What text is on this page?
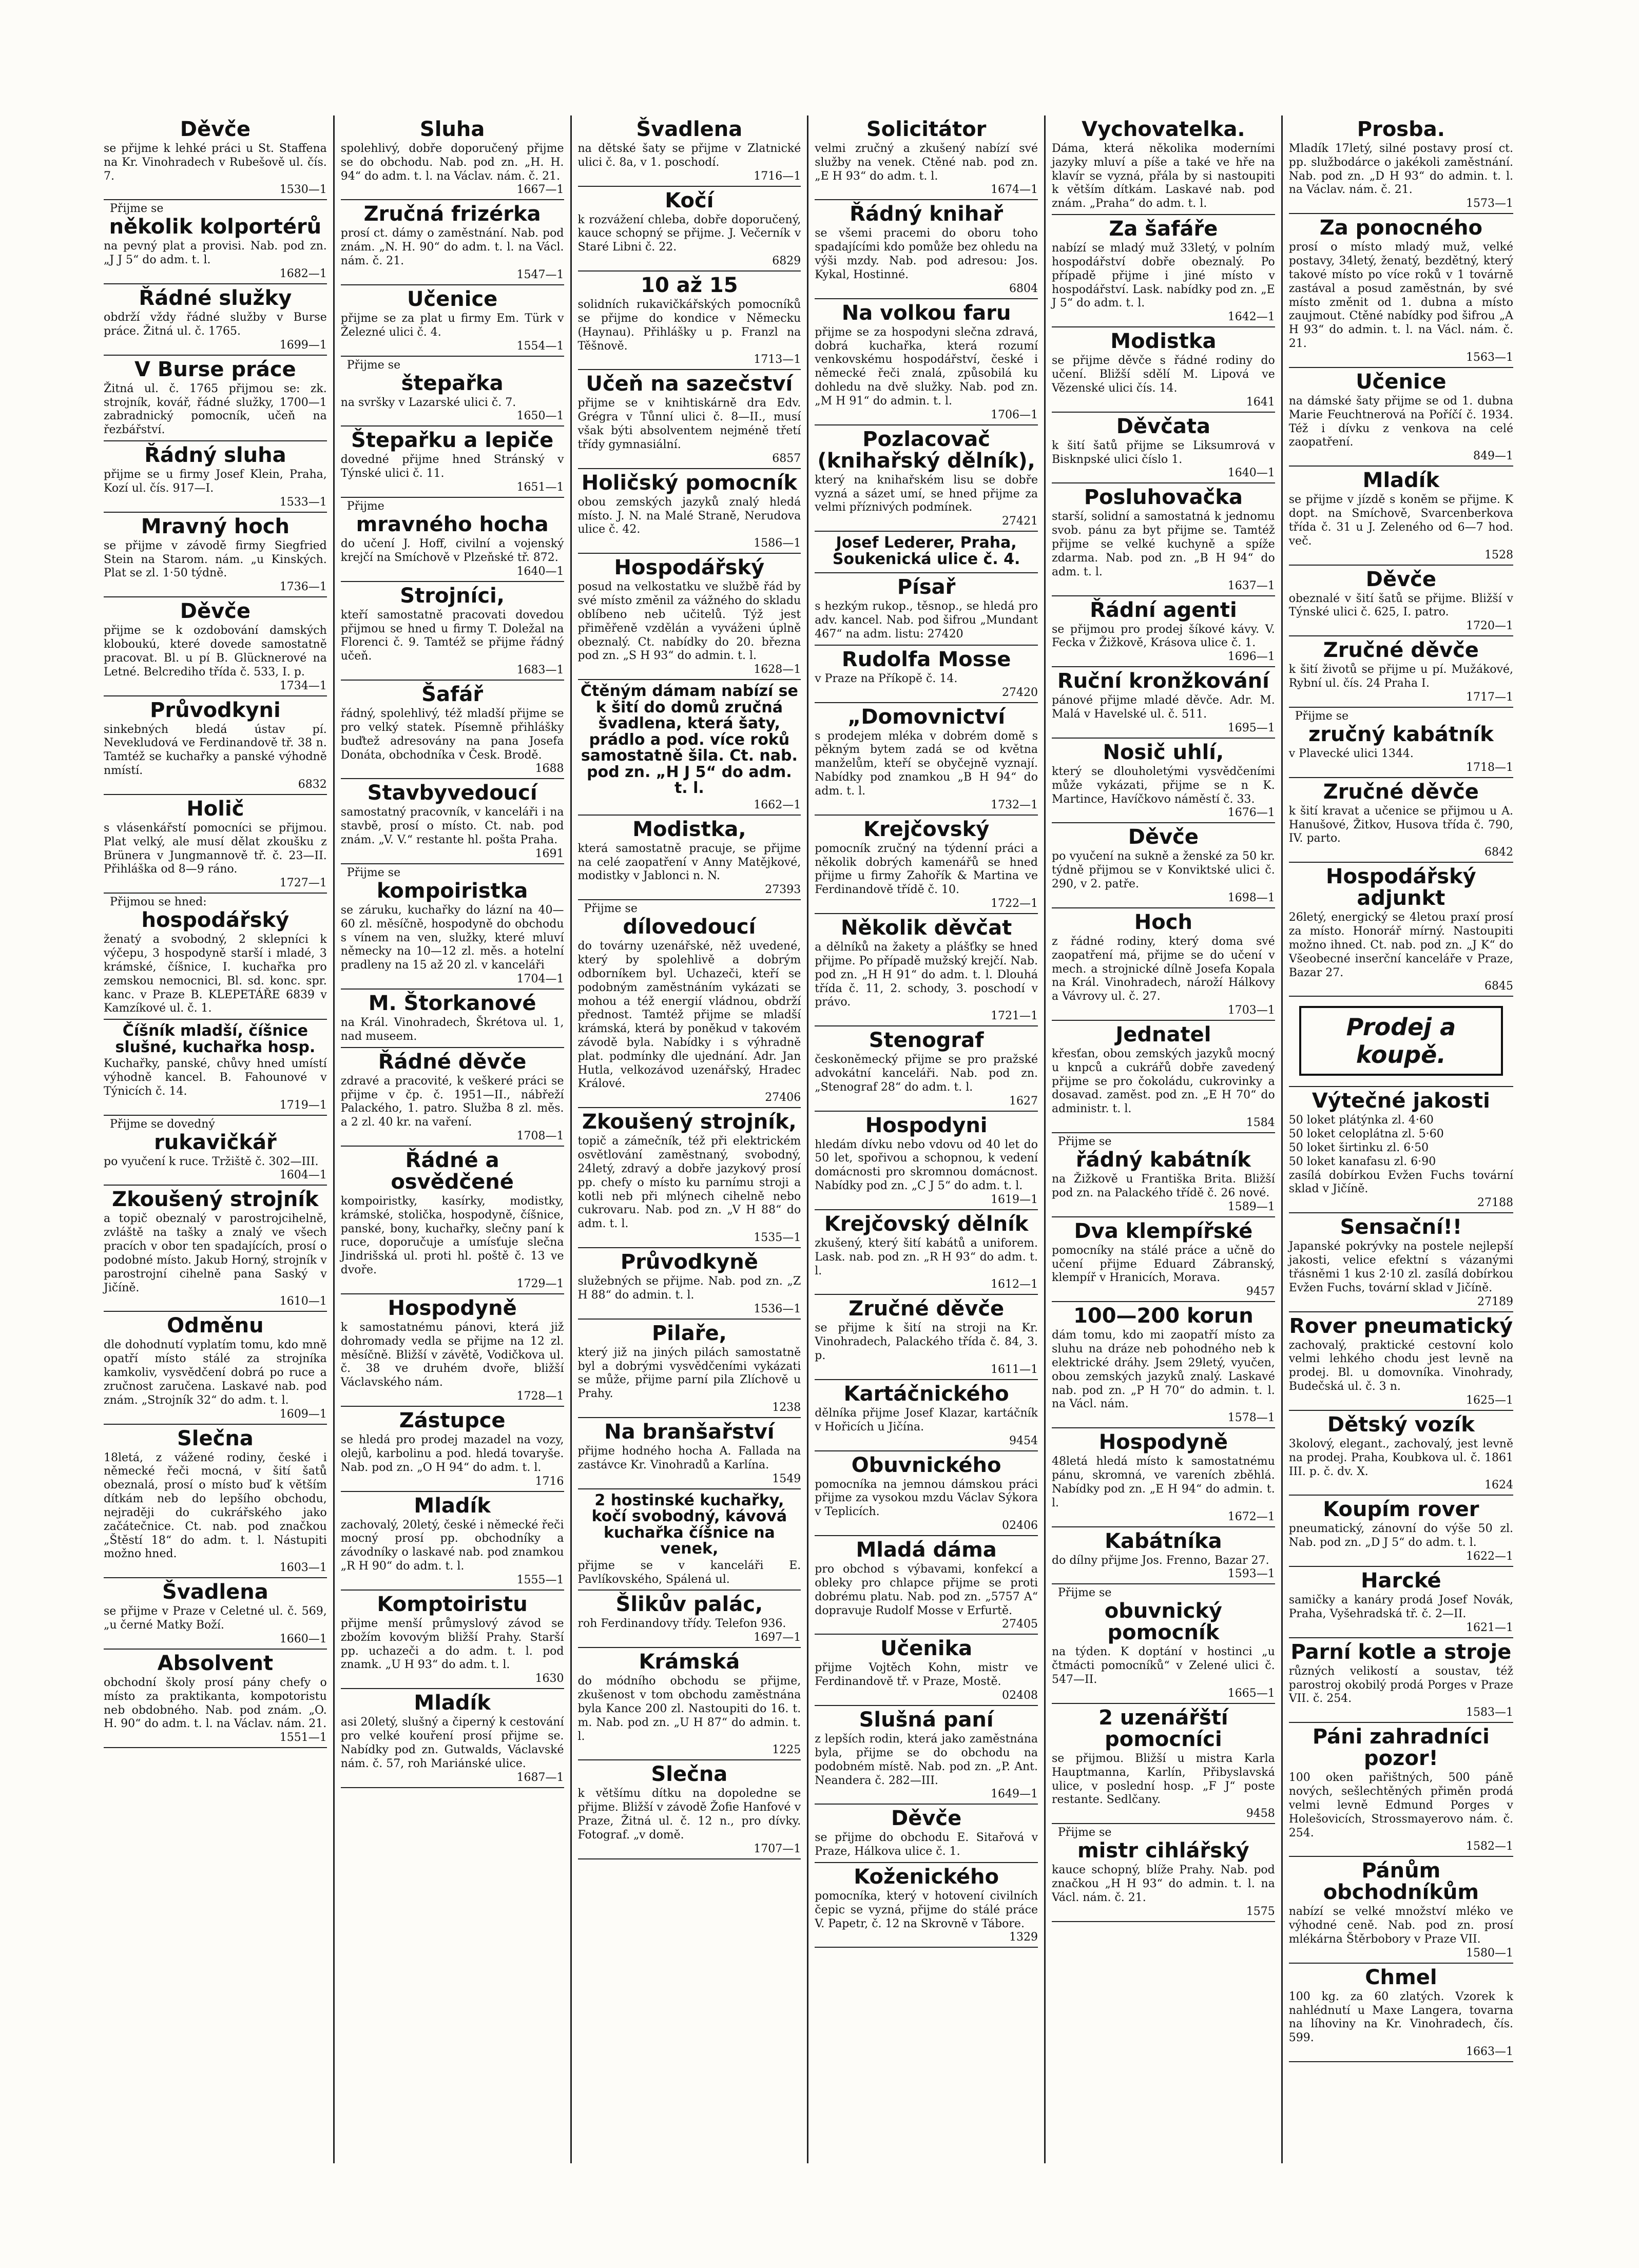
Děvče
se přijme k lehké práci u St. Staffena na Kr. Vinohradech v Rubešově ul. čís. 7.
1530—1
Přijme se
několik kolportérů
na pevný plat a provisi. Nab. pod zn. „J J 5“ do adm. t. l.
1682—1
Řádné služky
obdrží vždy řádné služby v Burse práce. Žitná ul. č. 1765.
1699—1
V Burse práce
Žitná ul. č. 1765 přijmou se: zk. strojník, kovář, řádné služky, 1700—1 zabradnický pomocník, učeň na řezbářství.
Řádný sluha
přijme se u firmy Josef Klein, Praha, Kozí ul. čís. 917—I.
1533—1
Mravný hoch
se přijme v závodě firmy Siegfried Stein na Starom. nám. „u Kinských. Plat se zl. 1·50 týdně.
1736—1
Děvče
přijme se k ozdobování damských kloboukú, které dovede samostatně pracovat. Bl. u pí B. Glücknerové na Letné. Belcrediho třída č. 533, I. p.
1734—1
Průvodkyni
sinkebných bledá ústav pí. Nevekludová ve Ferdinandově tř. 38 n. Tamtéž se kuchařky a panské výhodně nmístí.
6832
Holič
s vlásenkářstí pomocníci se přijmou. Plat velký, ale musí dělat zkoušku z Brünera v Jungmannově tř. č. 23—II. Přihláška od 8—9 ráno.
1727—1
Přijmou se hned:
hospodářský
ženatý a svobodný, 2 sklepníci k výčepu, 3 hospodyně starší i mladé, 3 krámské, číšnice, I. kuchařka pro zemskou nemocnici, Bl. sd. konc. spr. kanc. v Praze B. KLEPETÁŘE 6839 v Kamzíkové ul. č. 1.
Číšník mladší, číšnice slušné, kuchařka hosp.
Kuchařky, panské, chůvy hned umístí výhodně kancel. B. Fahounové v Týnicích č. 14.
1719—1
Přijme se dovedný
rukavičkář
po vyučení k ruce. Tržiště č. 302—III.
1604—1
Zkoušený strojník
a topič obeznalý v parostrojcihelně, zvláště na tašky a znalý ve všech pracích v obor ten spadajících, prosí o podobné místo. Jakub Horný, strojník v parostrojní cihelně pana Saský v Jičíně.
1610—1
Odměnu
dle dohodnutí vyplatím tomu, kdo mně opatří místo stálé za strojníka kamkoliv, vysvědčení dobrá po ruce a zručnost zaručena. Laskavé nab. pod znám. „Strojník 32“ do adm. t. l.
1609—1
Slečna
18letá, z vážené rodiny, české i německé řeči mocná, v šití šatů obeznalá, prosí o místo buď k větším dítkám neb do lepšího obchodu, nejraději do cukrářského jako začátečnice. Ct. nab. pod značkou „Štěstí 18“ do adm. t. l. Nástupiti možno hned.
1603—1
Švadlena
se přijme v Praze v Celetné ul. č. 569, „u černé Matky Boží.
1660—1
Absolvent
obchodní školy prosí pány chefy o místo za praktikanta, kompotoristu neb obdobného. Nab. pod znám. „O. H. 90“ do adm. t. l. na Václav. nám. 21.
1551—1
Sluha
spolehlivý, dobře doporučený přijme se do obchodu. Nab. pod zn. „H. H. 94“ do adm. t. l. na Václav. nám. č. 21.
1667—1
Zručná frizérka
prosí ct. dámy o zaměstnání. Nab. pod znám. „N. H. 90“ do adm. t. l. na Václ. nám. č. 21.
1547—1
Učenice
přijme se za plat u firmy Em. Türk v Železné ulici č. 4.
1554—1
Přijme se
štepařka
na svršky v Lazarské ulici č. 7.
1650—1
Štepařku a lepiče
dovedné přijme hned Stránský v Týnské ulici č. 11.
1651—1
Přijme
mravného hocha
do učení J. Hoff, civilní a vojenský krejčí na Smíchově v Plzeňské tř. 872.
1640—1
Strojníci,
kteří samostatně pracovati dovedou přijmou se hned u firmy T. Doležal na Florenci č. 9. Tamtéž se přijme řádný učeň.
1683—1
Šafář
řádný, spolehlivý, též mladší přijme se pro velký statek. Písemně přihlášky buďtež adresovány na pana Josefa Donáta, obchodníka v Česk. Brodě.
1688
Stavbyvedoucí
samostatný pracovník, v kanceláři i na stavbě, prosí o místo. Ct. nab. pod znám. „V. V.“ restante hl. pošta Praha.
1691
Přijme se
kompoiristka
se záruku, kuchařky do lázní na 40—60 zl. měsíčně, hospodyně do obchodu s vínem na ven, služky, které mluví německy na 10—12 zl. měs. a hotelní pradleny na 15 až 20 zl. v kanceláři
1704—1
M. Štorkanové
na Král. Vinohradech, Škrétova ul. 1, nad museem.
Řádné děvče
zdravé a pracovité, k veškeré práci se přijme v čp. č. 1951—II., nábřeží Palackého, 1. patro. Služba 8 zl. měs. a 2 zl. 40 kr. na vaření.
1708—1
Řádné a osvědčené
kompoiristky, kasírky, modistky, krámské, stolička, hospodyně, číšnice, panské, bony, kuchařky, slečny paní k ruce, doporučuje a umísťuje slečna Jindrišská ul. proti hl. poště č. 13 ve dvoře.
1729—1
Hospodyně
k samostatnému pánovi, která již dohromady vedla se přijme na 12 zl. měsíčně. Bližší v závětě, Vodičkova ul. č. 38 ve druhém dvoře, bližší Václavského nám.
1728—1
Zástupce
se hledá pro prodej mazadel na vozy, olejů, karbolinu a pod. hledá tovaryše. Nab. pod zn. „O H 94“ do adm. t. l.
1716
Mladík
zachovalý, 20letý, české i německé řeči mocný prosí pp. obchodníky a závodníky o laskavé nab. pod znamkou „R H 90“ do adm. t. l.
1555—1
Komptoiristu
přijme menší průmyslový závod se zbožím kovovým bližší Prahy. Starší pp. uchazeči a do adm. t. l. pod znamk. „U H 93“ do adm. t. l.
1630
Mladík
asi 20letý, slušný a čiperný k cestování pro velké kouření prosí přijme se. Nabídky pod zn. Gutwalds, Václavské nám. č. 57, roh Mariánské ulice.
1687—1
Švadlena
na dětské šaty se přijme v Zlatnické ulici č. 8a, v 1. poschodí.
1716—1
Kočí
k rozvážení chleba, dobře doporučený, kauce schopný se přijme. J. Večerník v Staré Libni č. 22.
6829
10 až 15
solidních rukavičkářských pomocníků se přijme do kondice v Německu (Haynau). Přihlášky u p. Franzl na Těšnově.
1713—1
Učeň na sazečství
přijme se v knihtiskárně dra Edv. Grégra v Tůnní ulici č. 8—II., musí však býti absolventem nejméně třetí třídy gymnasiální.
6857
Holičský pomocník
obou zemských jazyků znalý hledá místo. J. N. na Malé Straně, Nerudova ulice č. 42.
1586—1
Hospodářský
posud na velkostatku ve službě řád by své místo změnil za vážného do skladu oblíbeno neb učitelů. Týž jest přiměřeně vzdělán a vyváženi úplně obeznalý. Ct. nabídky do 20. března pod zn. „S H 93“ do admin. t. l.
1628—1
Čtěným dámam nabízí se k šití do domů zručná švadlena, která šaty, prádlo a pod. více roků samostatně šila. Ct. nab. pod zn. „H J 5“ do adm. t. l.
1662—1
Modistka,
která samostatně pracuje, se přijme na celé zaopatření v Anny Matějkové, modistky v Jablonci n. N.
27393
Přijme se
dílovedoucí
do továrny uzenářské, něž uvedené, který by spolehlivě a dobrým odborníkem byl. Uchazeči, kteří se podobným zaměstnáním vykázati se mohou a též energií vládnou, obdrží přednost. Tamtéž přijme se mladší krámská, která by poněkud v takovém závodě byla. Nabídky i s výhradně plat. podmínky dle ujednání. Adr. Jan Hutla, velkozávod uzenářský, Hradec Králové.
27406
Zkoušený strojník,
topič a zámečník, též při elektrickém osvětlování zaměstnaný, svobodný, 24letý, zdravý a dobře jazykový prosí pp. chefy o místo ku parnímu stroji a kotli neb při mlýnech cihelně nebo cukrovaru. Nab. pod zn. „V H 88“ do adm. t. l.
1535—1
Průvodkyně
služebných se přijme. Nab. pod zn. „Z H 88“ do admin. t. l.
1536—1
Pilaře,
který již na jiných pilách samostatně byl a dobrými vysvědčeními vykázati se může, přijme parní pila Zlíchově u Prahy.
1238
Na branšařství
přijme hodného hocha A. Fallada na zastávce Kr. Vinohradů a Karlína.
1549
2 hostinské kuchařky, kočí svobodný, kávová kuchařka číšnice na venek,
přijme se v kanceláři E. Pavlíkovského, Spálená ul.
Šlikův palác,
roh Ferdinandovy třídy. Telefon 936.
1697—1
Krámská
do módního obchodu se přijme, zkušenost v tom obchodu zaměstnána byla Kance 200 zl. Nastoupiti do 16. t. m. Nab. pod zn. „U H 87“ do admin. t. l.
1225
Slečna
k většímu dítku na dopoledne se přijme. Bližší v závodě Žofie Hanfové v Praze, Žitná ul. č. 12 n., pro dívky. Fotograf. „v domě.
1707—1
Solicitátor
velmi zručný a zkušený nabízí své služby na venek. Ctěné nab. pod zn. „E H 93“ do adm. t. l.
1674—1
Řádný knihař
se všemi pracemi do oboru toho spadajícími kdo pomůže bez ohledu na výši mzdy. Nab. pod adresou: Jos. Kykal, Hostinné.
6804
Na volkou faru
přijme se za hospodyni slečna zdravá, dobrá kuchařka, která rozumí venkovskému hospodářství, české i německé řeči znalá, způsobilá ku dohledu na dvě služky. Nab. pod zn. „M H 91“ do admin. t. l.
1706—1
Pozlacovač (knihařský dělník),
který na knihařském lisu se dobře vyzná a sázet umí, se hned přijme za velmi příznivých podmínek.
27421
Josef Lederer, Praha, Soukenická ulice č. 4.
Písař
s hezkým rukop., těsnop., se hledá pro adv. kancel. Nab. pod šifrou „Mundant 467“ na adm. listu: 27420
Rudolfa Mosse
v Praze na Příkopě č. 14.
27420
„Domovnictví
s prodejem mléka v dobrém domě s pěkným bytem zadá se od května manželům, kteří se obyčejně vyznají. Nabídky pod znamkou „B H 94“ do adm. t. l.
1732—1
Krejčovský
pomocník zručný na týdenní práci a několik dobrých kamenářů se hned přijme u firmy Zahořík & Martina ve Ferdinandově třídě č. 10.
1722—1
Několik děvčat
a dělníků na žakety a plášťky se hned přijme. Po případě mužský krejčí. Nab. pod zn. „H H 91“ do adm. t. l. Dlouhá třída č. 11, 2. schody, 3. poschodí v právo.
1721—1
Stenograf
českoněmecký přijme se pro pražské advokátní kanceláři. Nab. pod zn. „Stenograf 28“ do adm. t. l.
1627
Hospodyni
hledám dívku nebo vdovu od 40 let do 50 let, spořivou a schopnou, k vedení domácnosti pro skromnou domácnost. Nabídky pod zn. „C J 5“ do adm. t. l.
1619—1
Krejčovský dělník
zkušený, který šití kabátů a uniforem. Lask. nab. pod zn. „R H 93“ do adm. t. l.
1612—1
Zručné děvče
se přijme k šití na stroji na Kr. Vinohradech, Palackého třída č. 84, 3. p.
1611—1
Kartáčnického
dělníka přijme Josef Klazar, kartáčník v Hořicích u Jičína.
9454
Obuvnického
pomocníka na jemnou dámskou práci přijme za vysokou mzdu Václav Sýkora v Teplicích.
02406
Mladá dáma
pro obchod s výbavami, konfekcí a obleky pro chlapce přijme se proti dobrému platu. Nab. pod zn. „5757 A“ dopravuje Rudolf Mosse v Erfurtě.
27405
Učenika
přijme Vojtěch Kohn, mistr ve Ferdinandově tř. v Praze, Mostě.
02408
Slušná paní
z lepších rodin, která jako zaměstnána byla, přijme se do obchodu na podobném místě. Nab. pod zn. „P. Ant. Neandera č. 282—III.
1649—1
Děvče
se přijme do obchodu E. Sitařová v Praze, Hálkova ulice č. 1.
Koženického
pomocníka, který v hotovení civilních čepic se vyzná, přijme do stálé práce V. Papetr, č. 12 na Skrovně v Tábore.
1329
Vychovatelka.
Dáma, která několika moderními jazyky mluví a píše a také ve hře na klavír se vyzná, přála by si nastoupiti k větším dítkám. Laskavé nab. pod znám. „Praha“ do adm. t. l.
Za šafáře
nabízí se mladý muž 33letý, v polním hospodářství dobře obeznalý. Po případě přijme i jiné místo v hospodářství. Lask. nabídky pod zn. „E J 5“ do adm. t. l.
1642—1
Modistka
se přijme děvče s řádné rodiny do učení. Bližší sdělí M. Lipová ve Vězenské ulici čís. 14.
1641
Děvčata
k šití šatů přijme se Liksumrová v Bisknpské ulici číslo 1.
1640—1
Posluhovačka
starší, solidní a samostatná k jednomu svob. pánu za byt přijme se. Tamtéž přijme se velké kuchyně a spíže zdarma. Nab. pod zn. „B H 94“ do adm. t. l.
1637—1
Řádní agenti
se přijmou pro prodej šíkové kávy. V. Fecka v Žižkově, Krásova ulice č. 1.
1696—1
Ruční kronžkování
pánové přijme mladé děvče. Adr. M. Malá v Havelské ul. č. 511.
1695—1
Nosič uhlí,
který se dlouholetými vysvědčeními může vykázati, přijme se n K. Martince, Havíčkovo náměstí č. 33.
1676—1
Děvče
po vyučení na sukně a ženské za 50 kr. týdně přijmou se v Konviktské ulici č. 290, v 2. patře.
1698—1
Hoch
z řádné rodiny, který doma své zaopatření má, přijme se do učení v mech. a strojnické dílně Josefa Kopala na Král. Vinohradech, nároží Hálkovy a Vávrovy ul. č. 27.
1703—1
Jednatel
křesťan, obou zemských jazyků mocný u knpců a cukrářů dobře zavedený přijme se pro čokoládu, cukrovinky a dosavad. zaměst. pod zn. „E H 70“ do administr. t. l.
1584
Přijme se
řádný kabátník
na Žižkově u Františka Brita. Bližší pod zn. na Palackého třídě č. 26 nové.
1589—1
Dva klempířské
pomocníky na stálé práce a učně do učení přijme Eduard Zábranský, klempíř v Hranicích, Morava.
9457
100—200 korun
dám tomu, kdo mi zaopatří místo za sluhu na dráze neb pohodného neb k elektrické dráhy. Jsem 29letý, vyučen, obou zemských jazyků znalý. Laskavé nab. pod zn. „P H 70“ do admin. t. l. na Václ. nám.
1578—1
Hospodyně
48letá hledá místo k samostatnému pánu, skromná, ve vareních zběhlá. Nabídky pod zn. „E H 94“ do admin. t. l.
1672—1
Kabátníka
do dílny přijme Jos. Frenno, Bazar 27.
1593—1
Přijme se
obuvnický pomocník
na týden. K doptání v hostinci „u čtmácti pomocníků“ v Zelené ulici č. 547—II.
1665—1
2 uzenářští pomocníci
se přijmou. Bližší u mistra Karla Hauptmanna, Karlín, Přibyslavská ulice, v poslední hosp. „F J“ poste restante. Sedlčany.
9458
Přijme se
mistr cihlářský
kauce schopný, blíže Prahy. Nab. pod značkou „H H 93“ do admin. t. l. na Václ. nám. č. 21.
1575
Prosba.
Mladík 17letý, silné postavy prosí ct. pp. službodárce o jakékoli zaměstnání. Nab. pod zn. „D H 93“ do admin. t. l. na Václav. nám. č. 21.
1573—1
Za ponocného
prosí o místo mladý muž, velké postavy, 34letý, ženatý, bezdětný, který takové místo po více roků v 1 továrně zastával a posud zaměstnán, by své místo změnit od 1. dubna a místo zaujmout. Ctěné nabídky pod šifrou „A H 93“ do admin. t. l. na Václ. nám. č. 21.
1563—1
Učenice
na dámské šaty přijme se od 1. dubna Marie Feuchtnerová na Poříčí č. 1934. Též i dívku z venkova na celé zaopatření.
849—1
Mladík
se přijme v jízdě s koněm se přijme. K dopt. na Smíchově, Svarcenberkova třída č. 31 u J. Zeleného od 6—7 hod. več.
1528
Děvče
obeznalé v šití šatů se přijme. Bližší v Týnské ulici č. 625, I. patro.
1720—1
Zručné děvče
k šití životů se přijme u pí. Mužákové, Rybní ul. čís. 24 Praha I.
1717—1
Přijme se
zručný kabátník
v Plavecké ulici 1344.
1718—1
Zručné děvče
k šití kravat a učenice se přijmou u A. Hanušové, Žitkov, Husova třída č. 790, IV. parto.
6842
Hospodářský adjunkt
26letý, energický se 4letou praxí prosí za místo. Honorář mírný. Nastoupiti možno ihned. Ct. nab. pod zn. „J K“ do Všeobecné inserční kanceláře v Praze, Bazar 27.
6845
Prodej a koupě.
Výtečné jakosti
50 loket plátýnka zl. 4·60
50 loket celoplátna zl. 5·60
50 loket širtinku zl. 6·50
50 loket kanafasu zl. 6·90
zasílá dobírkou Evžen Fuchs tovární sklad v Jičíně.
27188
Sensační!!
Japanské pokrývky na postele nejlepší jakosti, velice efektní s vázanými třásněmi 1 kus 2·10 zl. zasílá dobírkou Evžen Fuchs, tovární sklad v Jičíně.
27189
Rover pneumatický
zachovalý, praktické cestovní kolo velmi lehkého chodu jest levně na prodej. Bl. u domovníka. Vinohrady, Budečská ul. č. 3 n.
1625—1
Dětský vozík
3kolový, elegant., zachovalý, jest levně na prodej. Praha, Koubkova ul. č. 1861 III. p. č. dv. X.
1624
Koupím rover
pneumatický, zánovní do výše 50 zl. Nab. pod zn. „D J 5“ do adm. t. l.
1622—1
Harcké
samičky a kanáry prodá Josef Novák, Praha, Vyšehradská tř. č. 2—II.
1621—1
Parní kotle a stroje
různých velikostí a soustav, též parostroj okobilý prodá Porges v Praze VII. č. 254.
1583—1
Páni zahradníci pozor!
100 oken pařištných, 500 páně nových, sešlechtěných přiměn prodá velmi levně Edmund Porges v Holešovicích, Strossmayerovo nám. č. 254.
1582—1
Pánům obchodníkům
nabízí se velké množství mléko ve výhodné ceně. Nab. pod zn. prosí mlékárna Štěrbobory v Praze VII.
1580—1
Chmel
100 kg. za 60 zlatých. Vzorek k nahlédnutí u Maxe Langera, tovarna na líhoviny na Kr. Vinohradech, čís. 599.
1663—1
